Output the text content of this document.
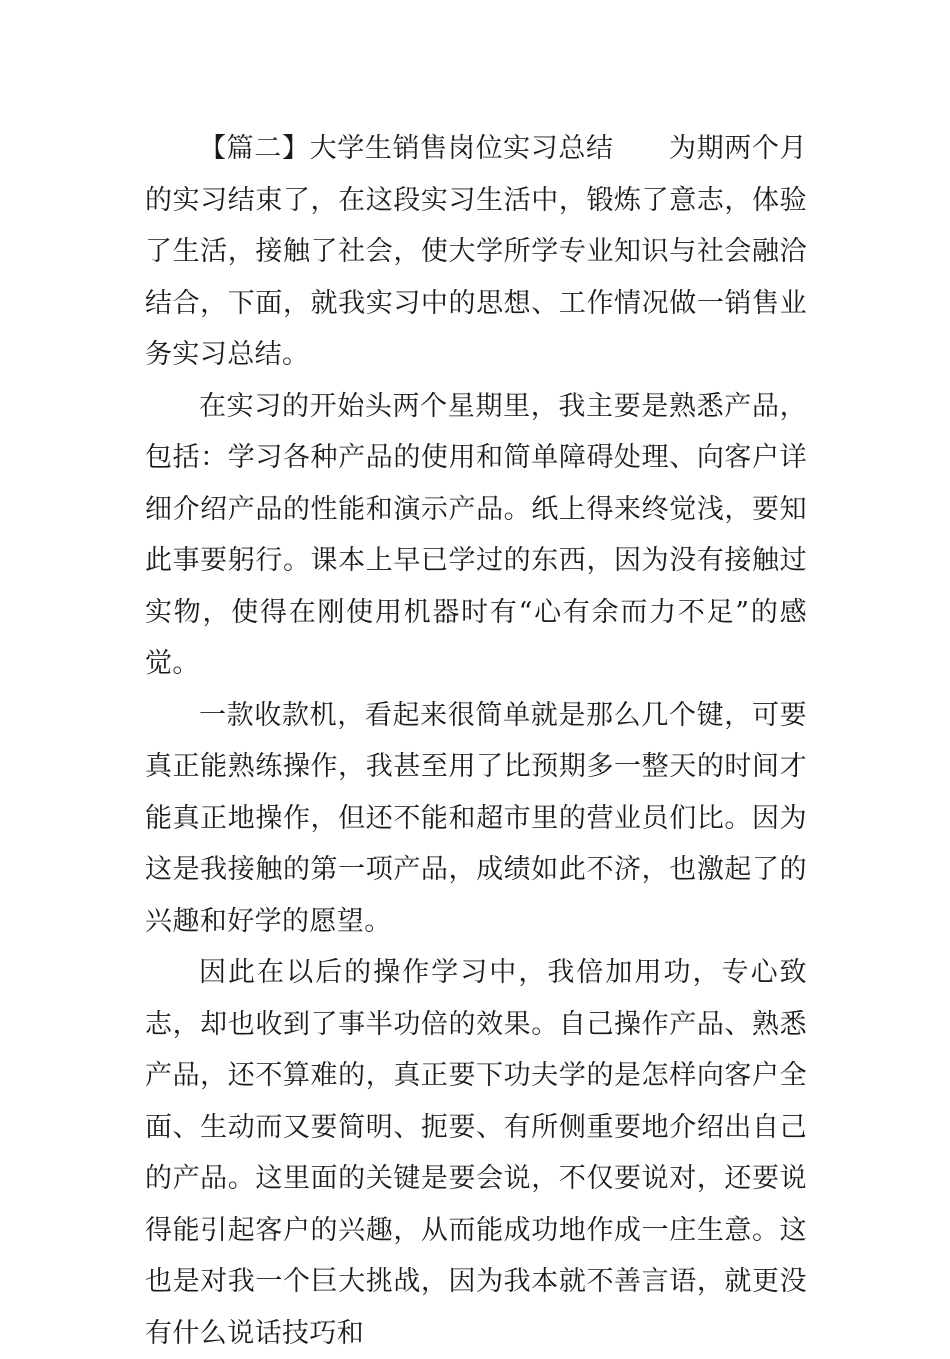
【篇二】大学生销售岗位实习总结　　 为期两个月的实习结束了，在这段实习生活中，锻炼了意志，体验了生活，接触了社会，使大学所学专业知识与社会融洽结合，下面，就我实习中的思想、工作情况做一销售业务实习总结。

在实习的开始头两个星期里，我主要是熟悉产品，包括：学习各种产品的使用和简单障碍处理、向客户详细介绍产品的性能和演示产品。纸上得来终觉浅，要知此事要躬行。课本上早已学过的东西，因为没有接触过实物，使得在刚使用机器时有“心有余而力不足”的感觉。

一款收款机，看起来很简单就是那么几个键，可要真正能熟练操作，我甚至用了比预期多一整天的时间才能真正地操作，但还不能和超市里的营业员们比。因为这是我接触的第一项产品，成绩如此不济，也激起了的兴趣和好学的愿望。

因此在以后的操作学习中，我倍加用功，专心致志，却也收到了事半功倍的效果。自己操作产品、熟悉产品，还不算难的，真正要下功夫学的是怎样向客户全面、生动而又要简明、扼要、有所侧重要地介绍出自己的产品。这里面的关键是要会说，不仅要说对，还要说得能引起客户的兴趣，从而能成功地作成一庄生意。这也是对我一个巨大挑战，因为我本就不善言语，就更没有什么说话技巧和
